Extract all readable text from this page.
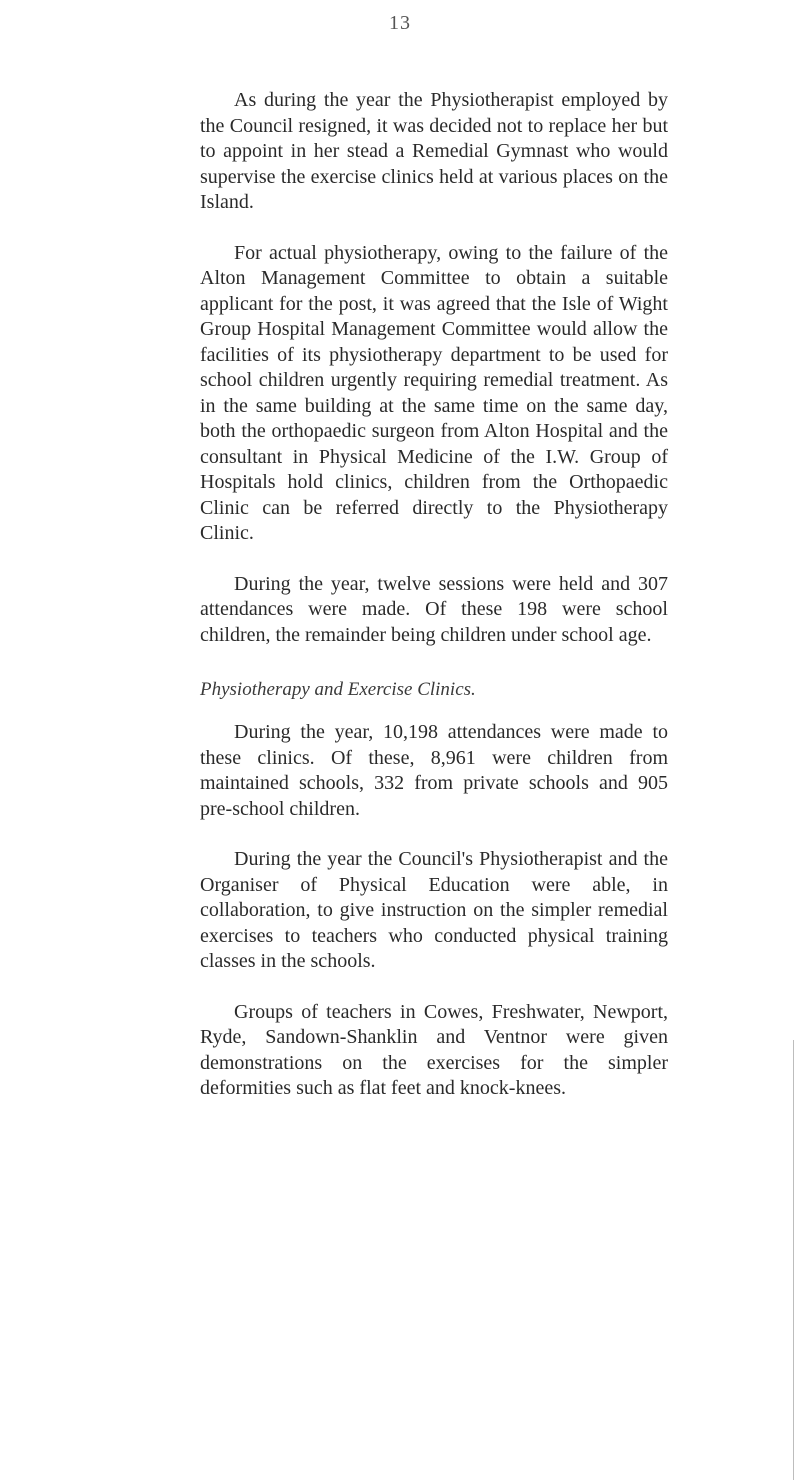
13

As during the year the Physiotherapist employed by the Council resigned, it was decided not to replace her but to appoint in her stead a Remedial Gymnast who would supervise the exercise clinics held at various places on the Island.

For actual physiotherapy, owing to the failure of the Alton Management Committee to obtain a suitable applicant for the post, it was agreed that the Isle of Wight Group Hospital Management Committee would allow the facilities of its physiotherapy department to be used for school children urgently requiring remedial treatment. As in the same building at the same time on the same day, both the orthopaedic surgeon from Alton Hospital and the consultant in Physical Medicine of the I.W. Group of Hospitals hold clinics, children from the Orthopaedic Clinic can be referred directly to the Physiotherapy Clinic.

During the year, twelve sessions were held and 307 attendances were made. Of these 198 were school children, the remainder being children under school age.

Physiotherapy and Exercise Clinics.

During the year, 10,198 attendances were made to these clinics. Of these, 8,961 were children from maintained schools, 332 from private schools and 905 pre-school children.

During the year the Council's Physiotherapist and the Organiser of Physical Education were able, in collaboration, to give instruction on the simpler remedial exercises to teachers who conducted physical training classes in the schools.

Groups of teachers in Cowes, Freshwater, Newport, Ryde, Sandown-Shanklin and Ventnor were given demonstrations on the exercises for the simpler deformities such as flat feet and knock-knees.
